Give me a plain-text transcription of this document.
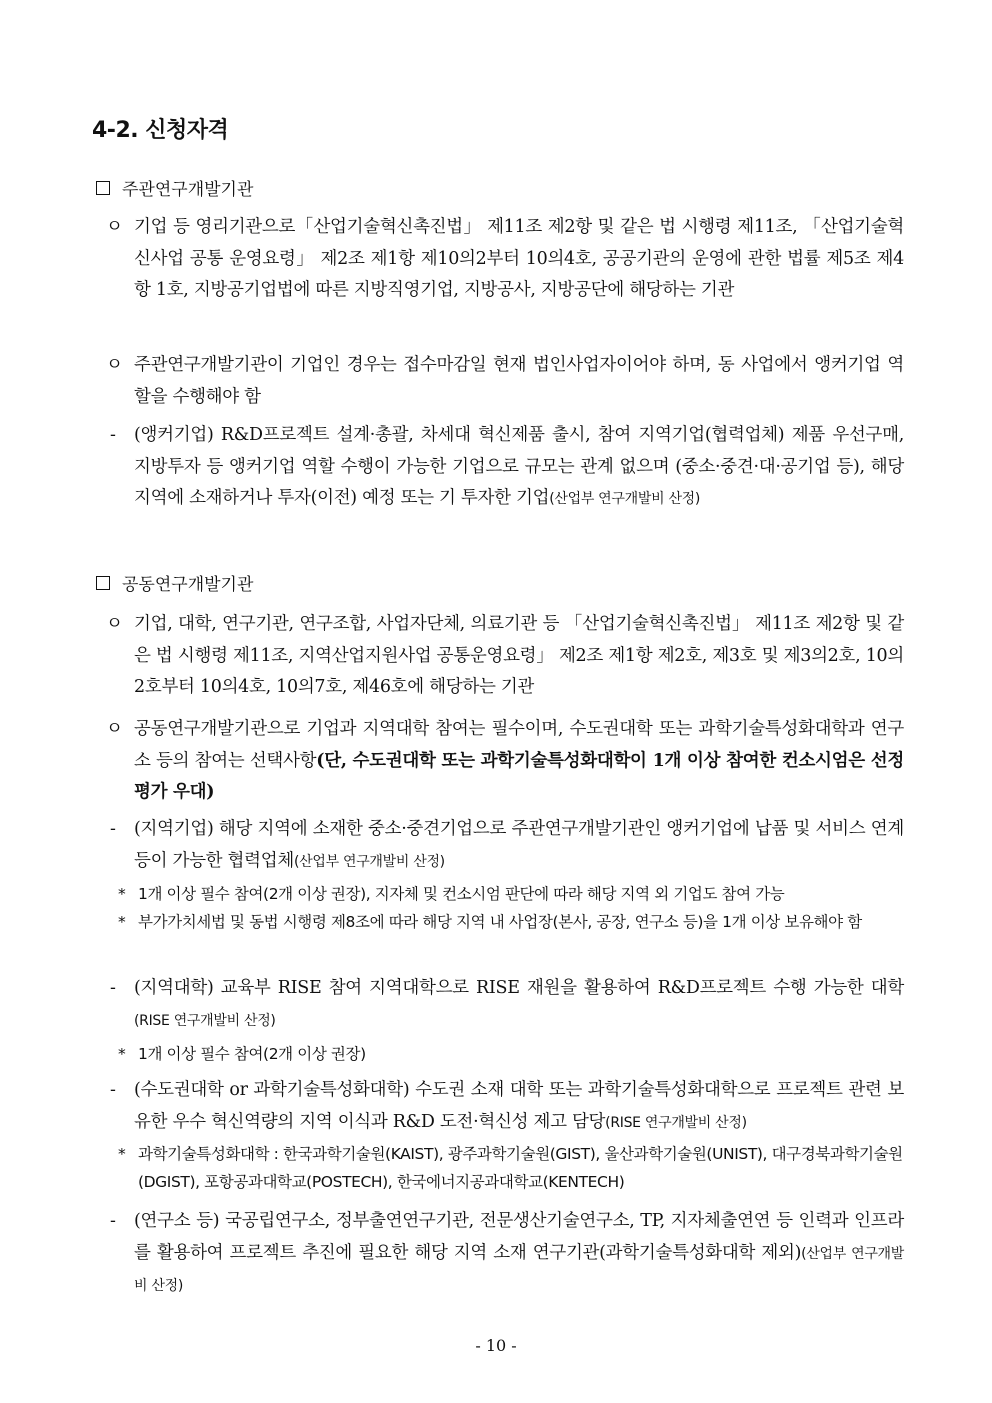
4-2. 신청자격
주관연구개발기관
ㅇ 기업 등 영리기관으로「산업기술혁신촉진법」 제11조 제2항 및 같은 법 시행령 제11조, 「산업기술혁신사업 공통 운영요령」 제2조 제1항 제10의2부터 10의4호, 공공기관의 운영에 관한 법률 제5조 제4항 1호, 지방공기업법에 따른 지방직영기업, 지방공사, 지방공단에 해당하는 기관
ㅇ 주관연구개발기관이 기업인 경우는 접수마감일 현재 법인사업자이어야 하며, 동 사업에서 앵커기업 역할을 수행해야 함
- (앵커기업) R&D프로젝트 설계·총괄, 차세대 혁신제품 출시, 참여 지역기업(협력업체) 제품 우선구매, 지방투자 등 앵커기업 역할 수행이 가능한 기업으로 규모는 관계 없으며 (중소·중견·대·공기업 등), 해당 지역에 소재하거나 투자(이전) 예정 또는 기 투자한 기업(산업부 연구개발비 산정)
공동연구개발기관
ㅇ 기업, 대학, 연구기관, 연구조합, 사업자단체, 의료기관 등 「산업기술혁신촉진법」 제11조 제2항 및 같은 법 시행령 제11조, 지역산업지원사업 공통운영요령」 제2조 제1항 제2호, 제3호 및 제3의2호, 10의2호부터 10의4호, 10의7호, 제46호에 해당하는 기관
ㅇ 공동연구개발기관으로 기업과 지역대학 참여는 필수이며, 수도권대학 또는 과학기술특성화대학과 연구소 등의 참여는 선택사항(단, 수도권대학 또는 과학기술특성화대학이 1개 이상 참여한 컨소시엄은 선정평가 우대)
- (지역기업) 해당 지역에 소재한 중소·중견기업으로 주관연구개발기관인 앵커기업에 납품 및 서비스 연계 등이 가능한 협력업체(산업부 연구개발비 산정)
* 1개 이상 필수 참여(2개 이상 권장), 지자체 및 컨소시엄 판단에 따라 해당 지역 외 기업도 참여 가능
* 부가가치세법 및 동법 시행령 제8조에 따라 해당 지역 내 사업장(본사, 공장, 연구소 등)을 1개 이상 보유해야 함
- (지역대학) 교육부 RISE 참여 지역대학으로 RISE 재원을 활용하여 R&D프로젝트 수행 가능한 대학(RISE 연구개발비 산정)
* 1개 이상 필수 참여(2개 이상 권장)
- (수도권대학 or 과학기술특성화대학) 수도권 소재 대학 또는 과학기술특성화대학으로 프로젝트 관련 보유한 우수 혁신역량의 지역 이식과 R&D 도전·혁신성 제고 담당(RISE 연구개발비 산정)
* 과학기술특성화대학 : 한국과학기술원(KAIST), 광주과학기술원(GIST), 울산과학기술원(UNIST), 대구경북과학기술원(DGIST), 포항공과대학교(POSTECH), 한국에너지공과대학교(KENTECH)
- (연구소 등) 국공립연구소, 정부출연연구기관, 전문생산기술연구소, TP, 지자체출연연 등 인력과 인프라를 활용하여 프로젝트 추진에 필요한 해당 지역 소재 연구기관(과학기술특성화대학 제외)(산업부 연구개발비 산정)
- 10 -
